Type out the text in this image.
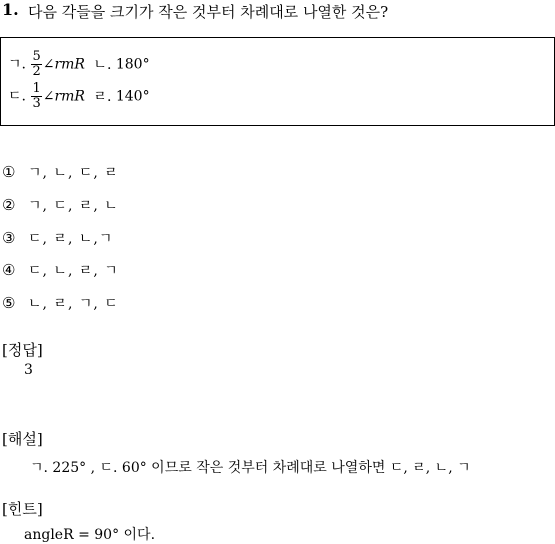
1. 다음 각들을 크기가 작은 것부터 차례대로 나열한 것은?
ㄱ. $\frac{5}{2}$ ∠rmR ㄴ. 180°
ㄷ. $\frac{1}{3}$ ∠rmR ㄹ. 140°
① ㄱ, ㄴ, ㄷ, ㄹ
② ㄱ, ㄷ, ㄹ, ㄴ
③ ㄷ, ㄹ, ㄴ,ㄱ
④ ㄷ, ㄴ, ㄹ, ㄱ
⑤ ㄴ, ㄹ, ㄱ, ㄷ
[정답]
3
[해설]
ㄱ. 225° , ㄷ. 60° 이므로 작은 것부터 차례대로 나열하면 ㄷ, ㄹ, ㄴ, ㄱ
[힌트]
angleR = 90° 이다.
